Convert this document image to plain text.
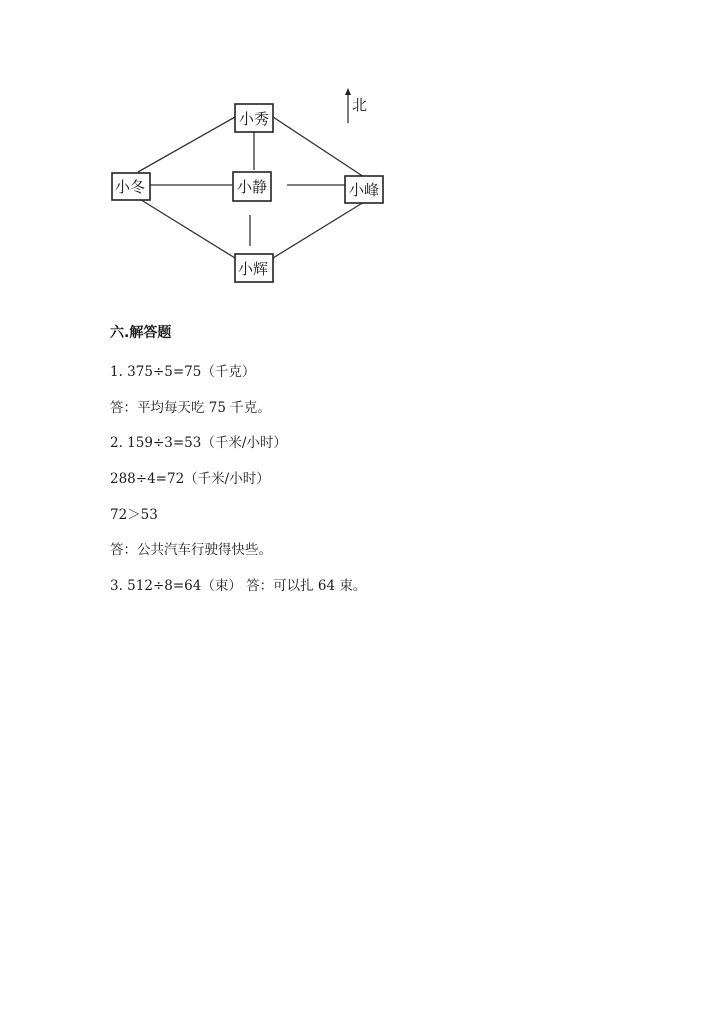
北
小秀
小冬	小静	小峰
小辉
六.解答题
1. 375÷5=75（千克）
答：平均每天吃 75 千克。
2. 159÷3=53（千米/小时）
288÷4=72（千米/小时）
72＞53
答：公共汽车行驶得快些。
3. 512÷8=64（束） 答：可以扎 64 束。
